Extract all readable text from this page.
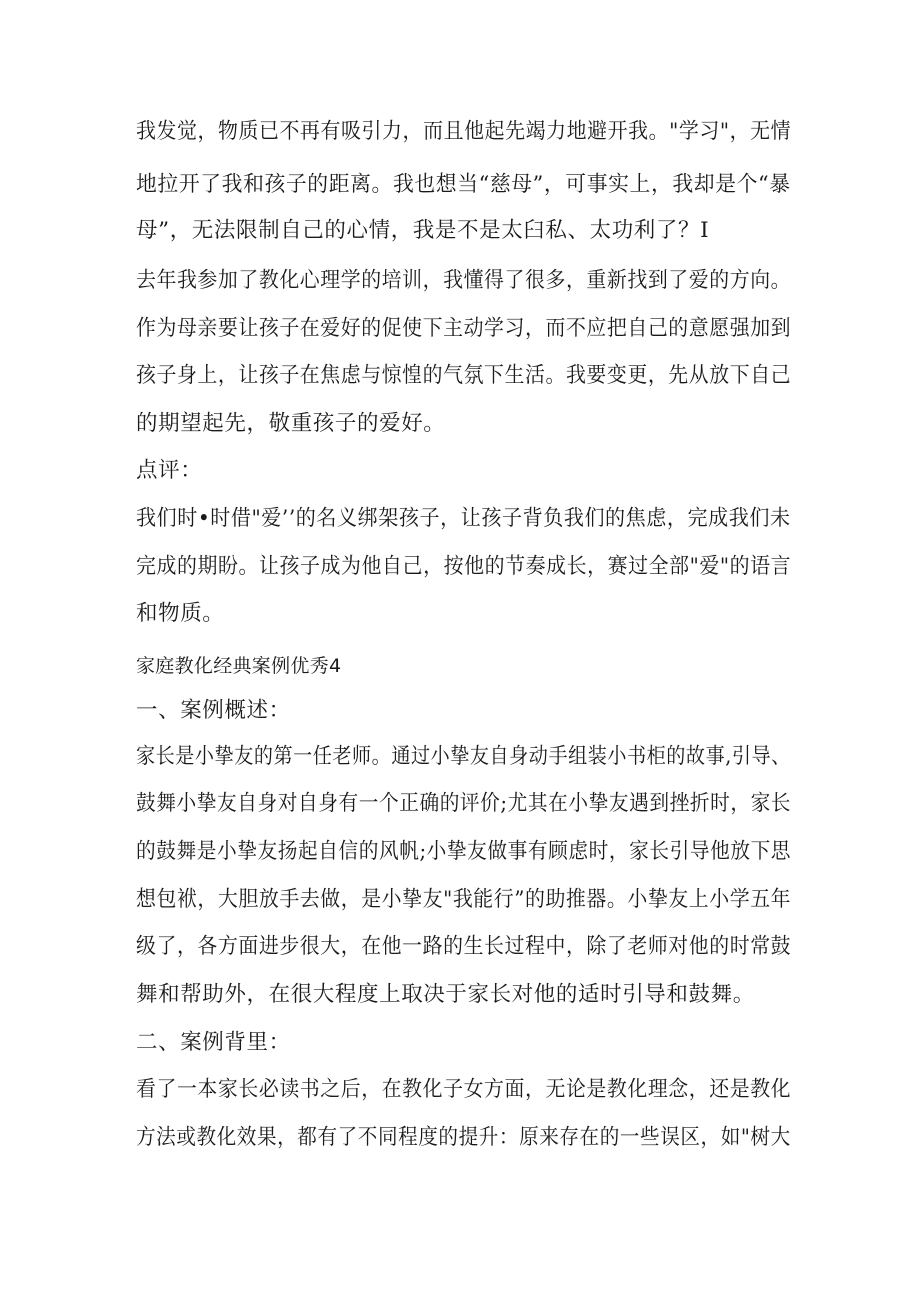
我发觉，物质已不再有吸引力，而且他起先竭力地避开我。"学习"，无情
地拉开了我和孩子的距离。我也想当“慈母”，可事实上，我却是个“暴
母”，无法限制自己的心情，我是不是太臼私、太功利了？I
去年我参加了教化心理学的培训，我懂得了很多，重新找到了爱的方向。
作为母亲要让孩子在爱好的促使下主动学习，而不应把自己的意愿强加到
孩子身上，让孩子在焦虑与惊惶的气氛下生活。我要变更，先从放下自己
的期望起先，敬重孩子的爱好。
点评：
我们时•时借"爱’’的名义绑架孩子，让孩子背负我们的焦虑，完成我们未
完成的期盼。让孩子成为他自己，按他的节奏成长，赛过全部"爱"的语言
和物质。
家庭教化经典案例优秀4
一、案例概述：
家长是小挚友的第一任老师。通过小挚友自身动手组装小书柜的故事,引导、
鼓舞小挚友自身对自身有一个正确的评价;尤其在小挚友遇到挫折时，家长
的鼓舞是小挚友扬起自信的风帆;小挚友做事有顾虑时，家长引导他放下思
想包袱，大胆放手去做，是小挚友"我能行”的助推器。小挚友上小学五年
级了，各方面进步很大，在他一路的生长过程中，除了老师对他的时常鼓
舞和帮助外，在很大程度上取决于家长对他的适时引导和鼓舞。
二、案例背里：
看了一本家长必读书之后，在教化子女方面，无论是教化理念，还是教化
方法或教化效果，都有了不同程度的提升：原来存在的一些误区，如"树大
